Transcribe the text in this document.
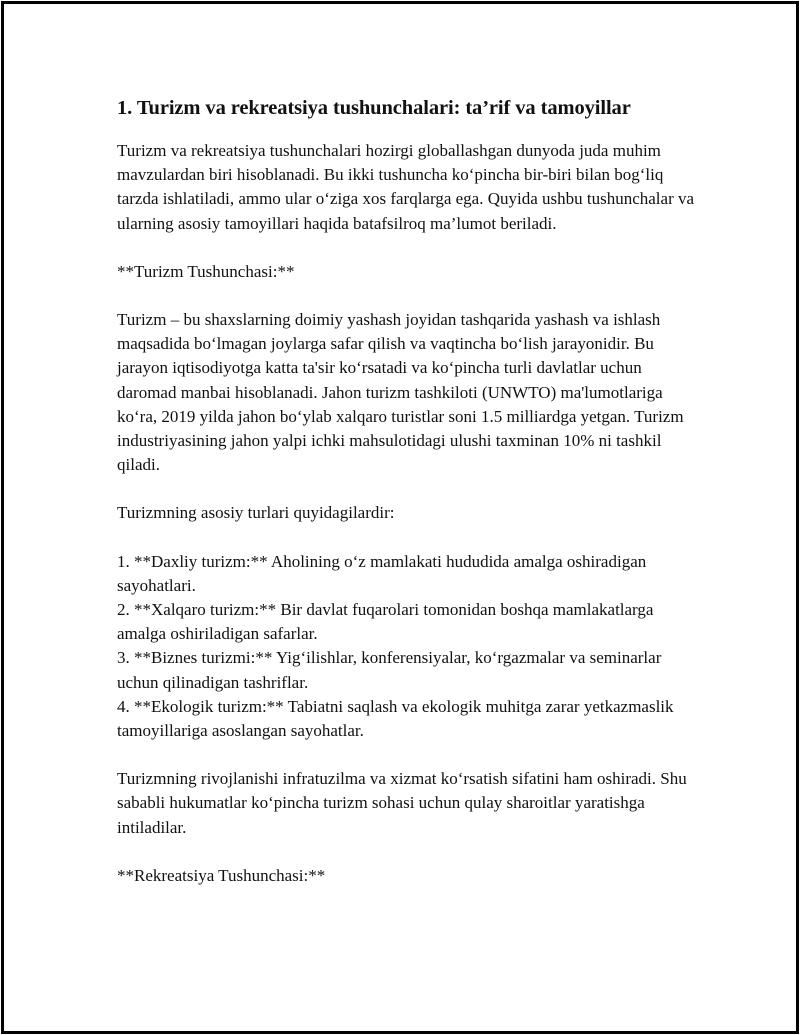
1. Turizm va rekreatsiya tushunchalari: ta’rif va tamoyillar

Turizm va rekreatsiya tushunchalari hozirgi globallashgan dunyoda juda muhim mavzulardan biri hisoblanadi. Bu ikki tushuncha ko‘pincha bir-biri bilan bog‘liq tarzda ishlatiladi, ammo ular o‘ziga xos farqlarga ega. Quyida ushbu tushunchalar va ularning asosiy tamoyillari haqida batafsilroq ma’lumot beriladi.

**Turizm Tushunchasi:**

Turizm – bu shaxslarning doimiy yashash joyidan tashqarida yashash va ishlash maqsadida bo‘lmagan joylarga safar qilish va vaqtincha bo‘lish jarayonidir. Bu jarayon iqtisodiyotga katta ta'sir ko‘rsatadi va ko‘pincha turli davlatlar uchun daromad manbai hisoblanadi. Jahon turizm tashkiloti (UNWTO) ma'lumotlariga ko‘ra, 2019 yilda jahon bo‘ylab xalqaro turistlar soni 1.5 milliardga yetgan. Turizm industriyasining jahon yalpi ichki mahsulotidagi ulushi taxminan 10% ni tashkil qiladi.

Turizmning asosiy turlari quyidagilardir:

1. **Daxliy turizm:** Aholining o‘z mamlakati hududida amalga oshiradigan sayohatlari.

2. **Xalqaro turizm:** Bir davlat fuqarolari tomonidan boshqa mamlakatlarga amalga oshiriladigan safarlar.

3. **Biznes turizmi:** Yig‘ilishlar, konferensiyalar, ko‘rgazmalar va seminarlar uchun qilinadigan tashriflar.

4. **Ekologik turizm:** Tabiatni saqlash va ekologik muhitga zarar yetkazmaslik tamoyillariga asoslangan sayohatlar.

Turizmning rivojlanishi infratuzilma va xizmat ko‘rsatish sifatini ham oshiradi. Shu sababli hukumatlar ko‘pincha turizm sohasi uchun qulay sharoitlar yaratishga intiladilar.

**Rekreatsiya Tushunchasi:**
